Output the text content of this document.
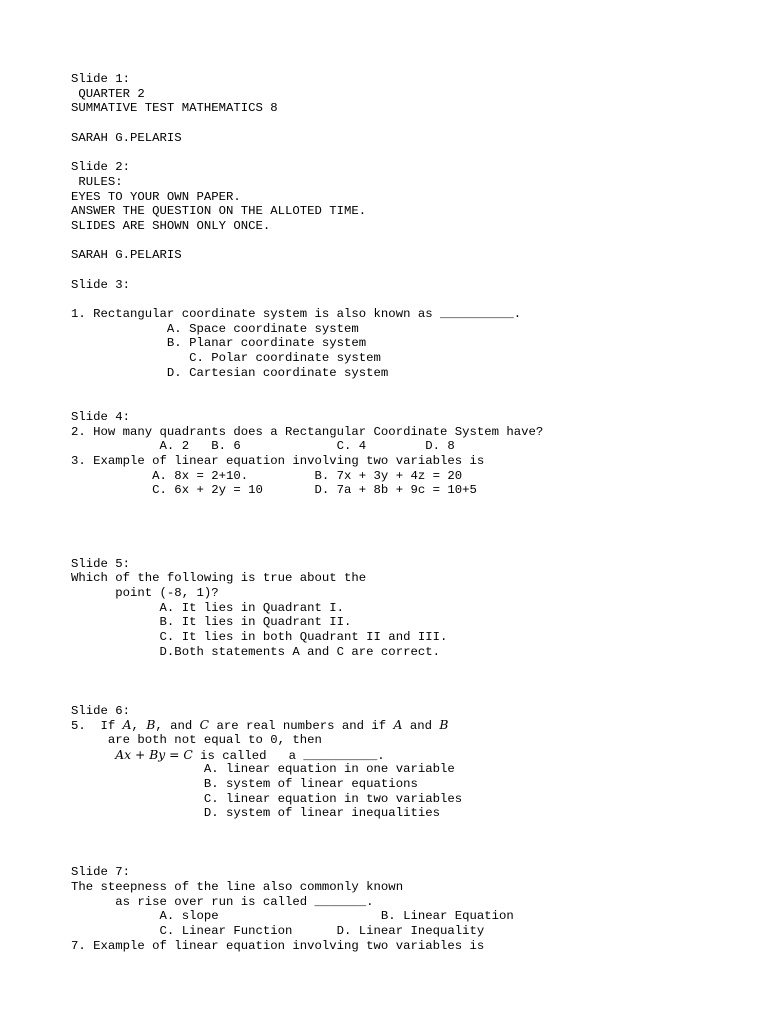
Slide 1:
QUARTER 2
SUMMATIVE TEST MATHEMATICS 8
SARAH G.PELARIS
Slide 2:
RULES:
EYES TO YOUR OWN PAPER.
ANSWER THE QUESTION ON THE ALLOTED TIME.
SLIDES ARE SHOWN ONLY ONCE.
SARAH G.PELARIS
Slide 3:
1. Rectangular coordinate system is also known as __________.
A. Space coordinate system
B. Planar coordinate system
C. Polar coordinate system
D. Cartesian coordinate system
Slide 4:
2. How many quadrants does a Rectangular Coordinate System have?
A. 2   B. 6             C. 4        D. 8
3. Example of linear equation involving two variables is
A. 8x = 2+10.         B. 7x + 3y + 4z = 20
C. 6x + 2y = 10       D. 7a + 8b + 9c = 10+5
Slide 5:
Which of the following is true about the
point (-8, 1)?
A. It lies in Quadrant I.
B. It lies in Quadrant II.
C. It lies in both Quadrant II and III.
D.Both statements A and C are correct.
Slide 6:
5.  If A, B, and C are real numbers and if A and B
are both not equal to 0, then
Ax + By = C is called   a __________.
A. linear equation in one variable
B. system of linear equations
C. linear equation in two variables
D. system of linear inequalities
Slide 7:
The steepness of the line also commonly known
as rise over run is called _______.
A. slope                      B. Linear Equation
C. Linear Function      D. Linear Inequality
7. Example of linear equation involving two variables is
